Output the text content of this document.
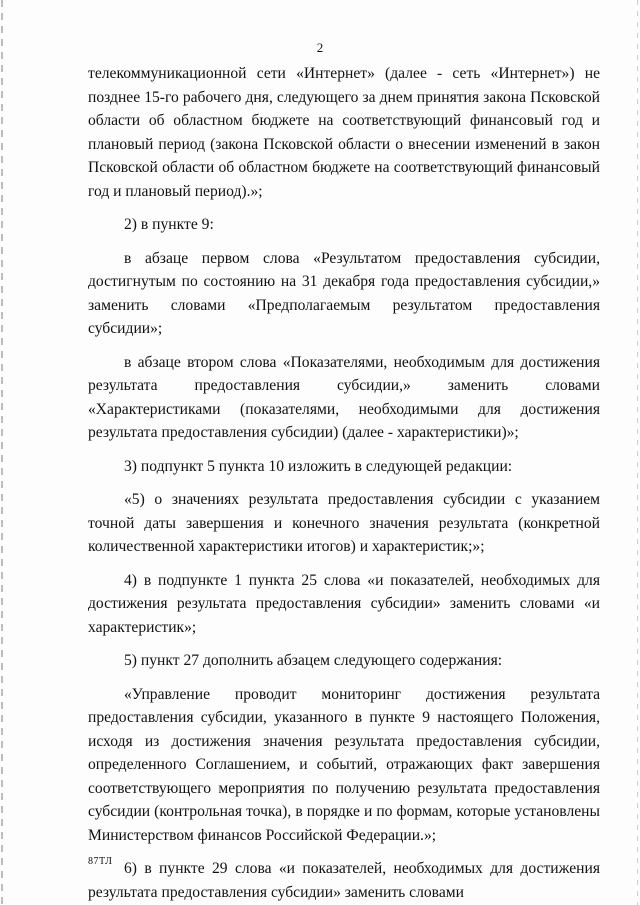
2

телекоммуникационной сети «Интернет» (далее - сеть «Интернет») не позднее 15-го рабочего дня, следующего за днем принятия закона Псковской области об областном бюджете на соответствующий финансовый год и плановый период (закона Псковской области о внесении изменений в закон Псковской области об областном бюджете на соответствующий финансовый год и плановый период).»;

2) в пункте 9:

в абзаце первом слова «Результатом предоставления субсидии, достигнутым по состоянию на 31 декабря года предоставления субсидии,» заменить словами «Предполагаемым результатом предоставления субсидии»;

в абзаце втором слова «Показателями, необходимым для достижения результата предоставления субсидии,» заменить словами «Характеристиками (показателями, необходимыми для достижения результата предоставления субсидии) (далее - характеристики)»;

3) подпункт 5 пункта 10 изложить в следующей редакции:

«5) о значениях результата предоставления субсидии с указанием точной даты завершения и конечного значения результата (конкретной количественной характеристики итогов) и характеристик;»;

4) в подпункте 1 пункта 25 слова «и показателей, необходимых для достижения результата предоставления субсидии» заменить словами «и характеристик»;

5) пункт 27 дополнить абзацем следующего содержания:

«Управление проводит мониторинг достижения результата предоставления субсидии, указанного в пункте 9 настоящего Положения, исходя из достижения значения результата предоставления субсидии, определенного Соглашением, и событий, отражающих факт завершения соответствующего мероприятия по получению результата предоставления субсидии (контрольная точка), в порядке и по формам, которые установлены Министерством финансов Российской Федерации.»;

6) в пункте 29 слова «и показателей, необходимых для достижения результата предоставления субсидии» заменить словами

87ТЛ
